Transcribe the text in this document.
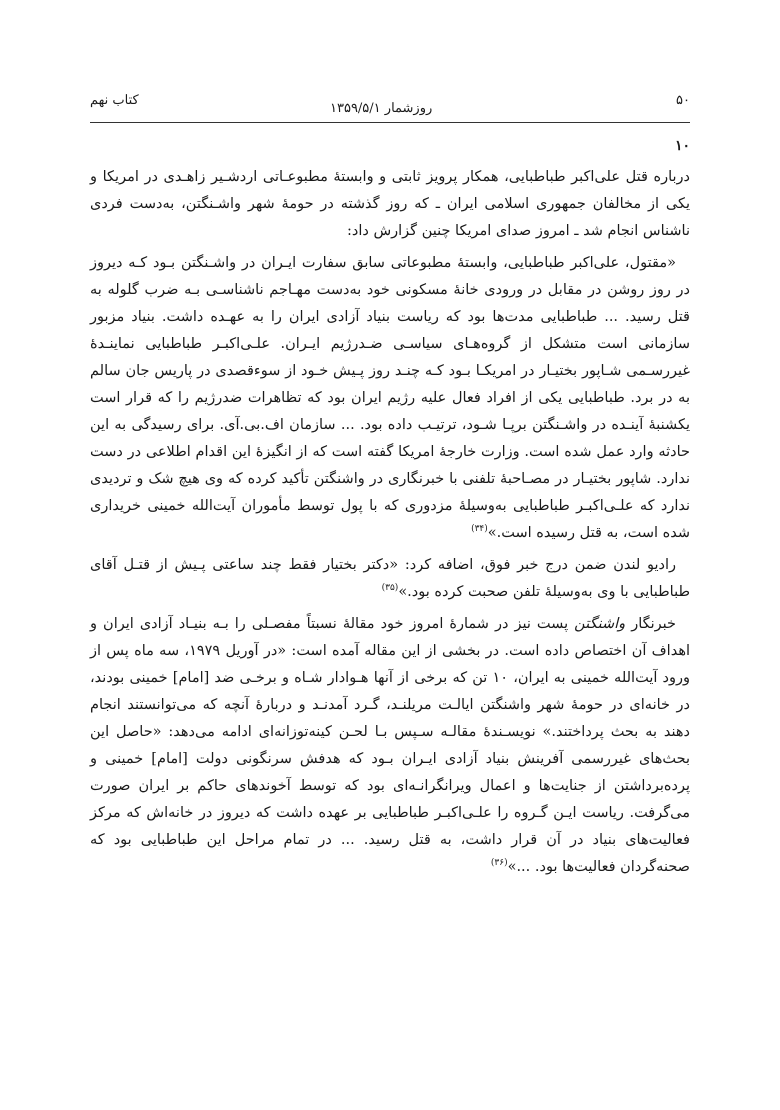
۵۰
روزشمار ۱۳۵۹/۵/۱
کتاب نهم
۱۰

درباره قتل علی‌اکبر طباطبایی، همکار پرویز ثابتی و وابستهٔ مطبوعـاتی اردشـیر زاهـدی در امریکا و یکی از مخالفان جمهوری اسلامی ایران ـ که روز گذشته در حومهٔ شهر واشـنگتن، به‌دست فردی ناشناس انجام شد ـ امروز صدای امریکا چنین گزارش داد:

«مقتول، علی‌اکبر طباطبایی، وابستهٔ مطبوعاتی سابق سفارت ایـران در واشـنگتن بـود کـه دیروز در روز روشن در مقابل در ورودی خانهٔ مسکونی خود به‌دست مهـاجم ناشناسـی بـه ضرب گلوله به قتل رسید. ... طباطبایی مدت‌ها بود که ریاست بنیاد آزادی ایران را به عهـده داشت. بنیاد مزبور سازمانی است متشکل از گروه‌هـای سیاسـی ضـدرژیم ایـران. علـی‌اکبـر طباطبایی نماینـدهٔ غیررسـمی شـاپور بختیـار در امریکـا بـود کـه چنـد روز پـیش خـود از سوءقصدی در پاریس جان سالم به در برد. طباطبایی یکی از افراد فعال علیه رژیم ایران بود که تظاهرات ضدرژیم را که قرار است یکشنبهٔ آینـده در واشـنگتن برپـا شـود، ترتیـب داده بود. ... سازمان اف.بی.آی. برای رسیدگی به این حادثه وارد عمل شده است. وزارت خارجهٔ امریکا گفته است که از انگیزهٔ این اقدام اطلاعی در دست ندارد. شاپور بختیـار در مصـاحبهٔ تلفنی با خبرنگاری در واشنگتن تأکید کرده که وی هیچ شک و تردیدی ندارد که علـی‌اکبـر طباطبایی به‌وسیلهٔ مزدوری که با پول توسط مأموران آیت‌الله خمینی خریداری شده است، به قتل رسیده است.»$^{(۳۴)}$

رادیو لندن ضمن درج خبر فوق، اضافه کرد: «دکتر بختیار فقط چند ساعتی پـیش از قتـل آقای طباطبایی با وی به‌وسیلهٔ تلفن صحبت کرده بود.»$^{(۳۵)}$

خبرنگار واشنگتن پست نیز در شمارهٔ امروز خود مقالهٔ نسبتاً مفصـلی را بـه بنیـاد آزادی ایران و اهداف آن اختصاص داده است. در بخشی از این مقاله آمده است: «در آوریل ۱۹۷۹، سه ماه پس از ورود آیت‌الله خمینی به ایران، ۱۰ تن که برخی از آنها هـوادار شـاه و برخـی ضد [امام] خمینی بودند، در خانه‌ای در حومهٔ شهر واشنگتن ایالـت مریلنـد، گـرد آمدنـد و دربارهٔ آنچه که می‌توانستند انجام دهند به بحث پرداختند.» نویسـندهٔ مقالـه سـپس بـا لحـن کینه‌توزانه‌ای ادامه می‌دهد: «حاصل این بحث‌های غیررسمی آفرینش بنیاد آزادی ایـران بـود که هدفش سرنگونی دولت [امام] خمینی و پرده‌برداشتن از جنایت‌ها و اعمال ویرانگرانـه‌ای بود که توسط آخوندهای حاکم بر ایران صورت می‌گرفت. ریاست ایـن گـروه را علـی‌اکبـر طباطبایی بر عهده داشت که دیروز در خانه‌اش که مرکز فعالیت‌های بنیاد در آن قرار داشت، به قتل رسید. ... در تمام مراحل این طباطبایی بود که صحنه‌گردان فعالیت‌ها بود. ...»$^{(۳۶)}$
